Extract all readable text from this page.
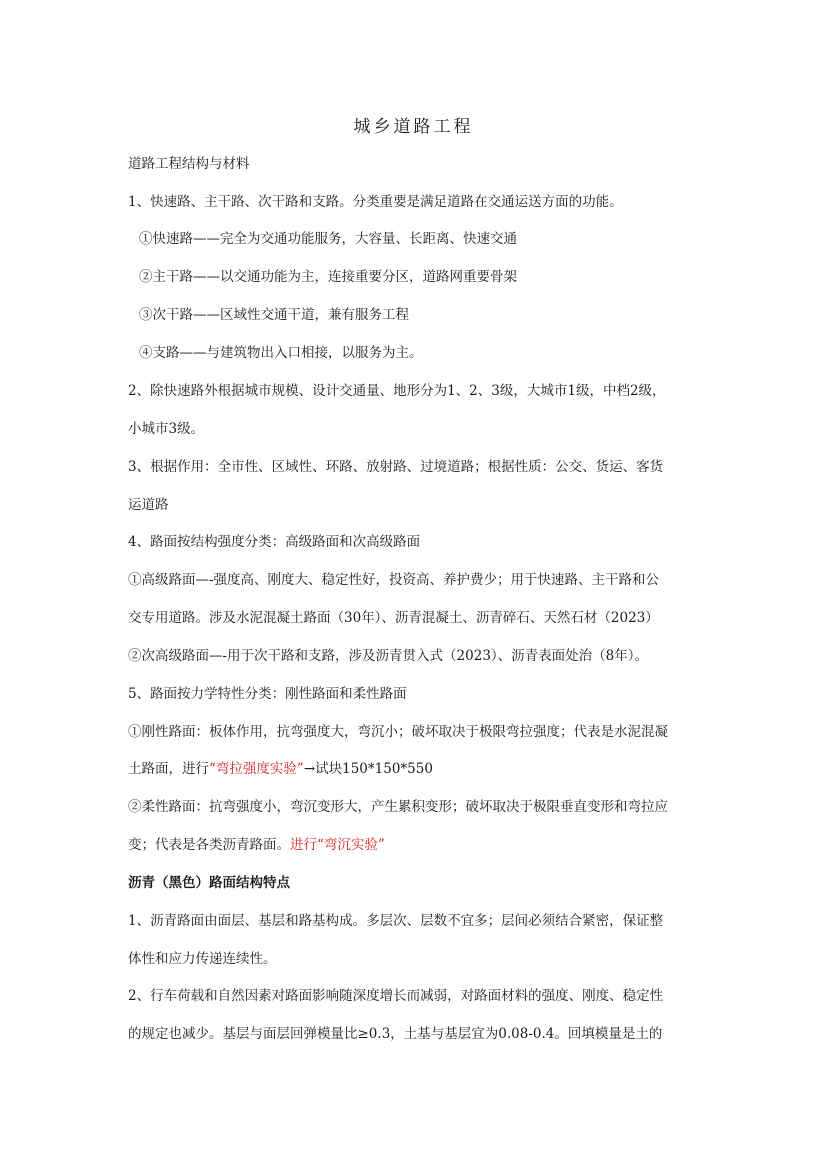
城乡道路工程
道路工程结构与材料
1、快速路、主干路、次干路和支路。分类重要是满足道路在交通运送方面的功能。
①快速路——完全为交通功能服务，大容量、长距离、快速交通
②主干路——以交通功能为主，连接重要分区，道路网重要骨架
③次干路——区域性交通干道，兼有服务工程
④支路——与建筑物出入口相接，以服务为主。
2、除快速路外根据城市规模、设计交通量、地形分为1、2、3级，大城市1级，中档2级，
小城市3级。
3、根据作用：全市性、区域性、环路、放射路、过境道路；根据性质：公交、货运、客货
运道路
4、路面按结构强度分类：高级路面和次高级路面
①高级路面—-强度高、刚度大、稳定性好，投资高、养护费少；用于快速路、主干路和公
交专用道路。涉及水泥混凝土路面（30年）、沥青混凝土、沥青碎石、天然石材（2023）
②次高级路面—-用于次干路和支路，涉及沥青贯入式（2023）、沥青表面处治（8年）。
5、路面按力学特性分类：刚性路面和柔性路面
①刚性路面：板体作用，抗弯强度大，弯沉小；破坏取决于极限弯拉强度；代表是水泥混凝
土路面，进行“弯拉强度实验”→试块150*150*550
②柔性路面：抗弯强度小，弯沉变形大，产生累积变形；破坏取决于极限垂直变形和弯拉应
变；代表是各类沥青路面。进行“弯沉实验”
沥青（黑色）路面结构特点
1、沥青路面由面层、基层和路基构成。多层次、层数不宜多；层间必须结合紧密，保证整
体性和应力传递连续性。
2、行车荷载和自然因素对路面影响随深度增长而减弱，对路面材料的强度、刚度、稳定性
的规定也减少。基层与面层回弹模量比≥0.3，土基与基层宜为0.08-0.4。回填模量是土的
